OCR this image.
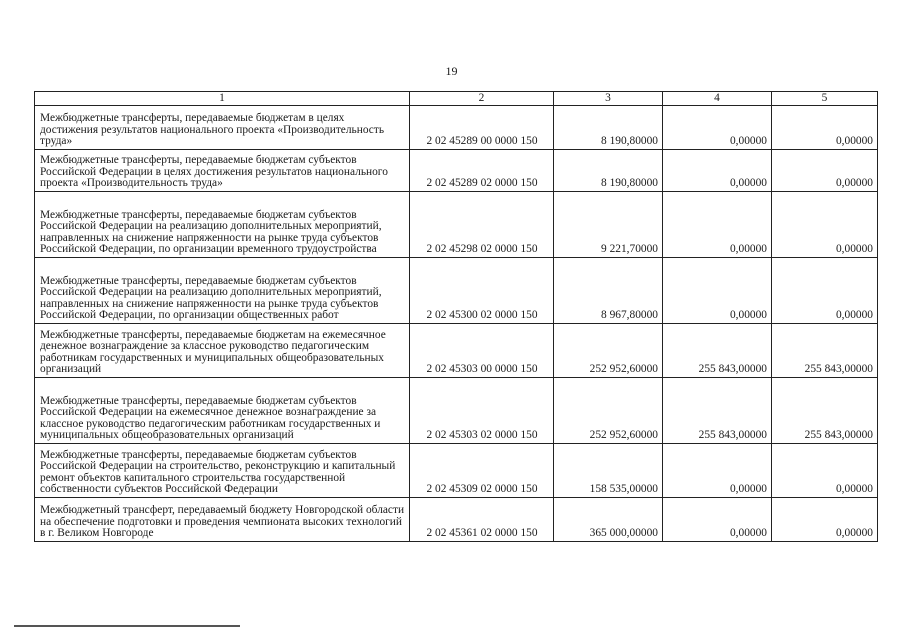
19
1	2	3	4	5
Межбюджетные трансферты, передаваемые бюджетам в целях достижения результатов национального проекта «Производительность труда»	2 02 45289 00 0000 150	8 190,80000	0,00000	0,00000
Межбюджетные трансферты, передаваемые бюджетам субъектов Российской Федерации в целях достижения результатов национального проекта «Производительность труда»	2 02 45289 02 0000 150	8 190,80000	0,00000	0,00000
Межбюджетные трансферты, передаваемые бюджетам субъектов Российской Федерации на реализацию дополнительных мероприятий, направленных на снижение напряженности на рынке труда субъектов Российской Федерации, по организации временного трудоустройства	2 02 45298 02 0000 150	9 221,70000	0,00000	0,00000
Межбюджетные трансферты, передаваемые бюджетам субъектов Российской Федерации на реализацию дополнительных мероприятий, направленных на снижение напряженности на рынке труда субъектов Российской Федерации, по организации общественных работ	2 02 45300 02 0000 150	8 967,80000	0,00000	0,00000
Межбюджетные трансферты, передаваемые бюджетам на ежемесячное денежное вознаграждение за классное руководство педагогическим работникам государственных и муниципальных общеобразовательных организаций	2 02 45303 00 0000 150	252 952,60000	255 843,00000	255 843,00000
Межбюджетные трансферты, передаваемые бюджетам субъектов Российской Федерации на ежемесячное денежное вознаграждение за классное руководство педагогическим работникам государственных и муниципальных общеобразовательных организаций	2 02 45303 02 0000 150	252 952,60000	255 843,00000	255 843,00000
Межбюджетные трансферты, передаваемые бюджетам субъектов Российской Федерации на строительство, реконструкцию и капитальный ремонт объектов капитального строительства государственной собственности субъектов Российской Федерации	2 02 45309 02 0000 150	158 535,00000	0,00000	0,00000
Межбюджетный трансферт, передаваемый бюджету Новгородской области на обеспечение подготовки и проведения чемпионата высоких технологий в г. Великом Новгороде	2 02 45361 02 0000 150	365 000,00000	0,00000	0,00000
